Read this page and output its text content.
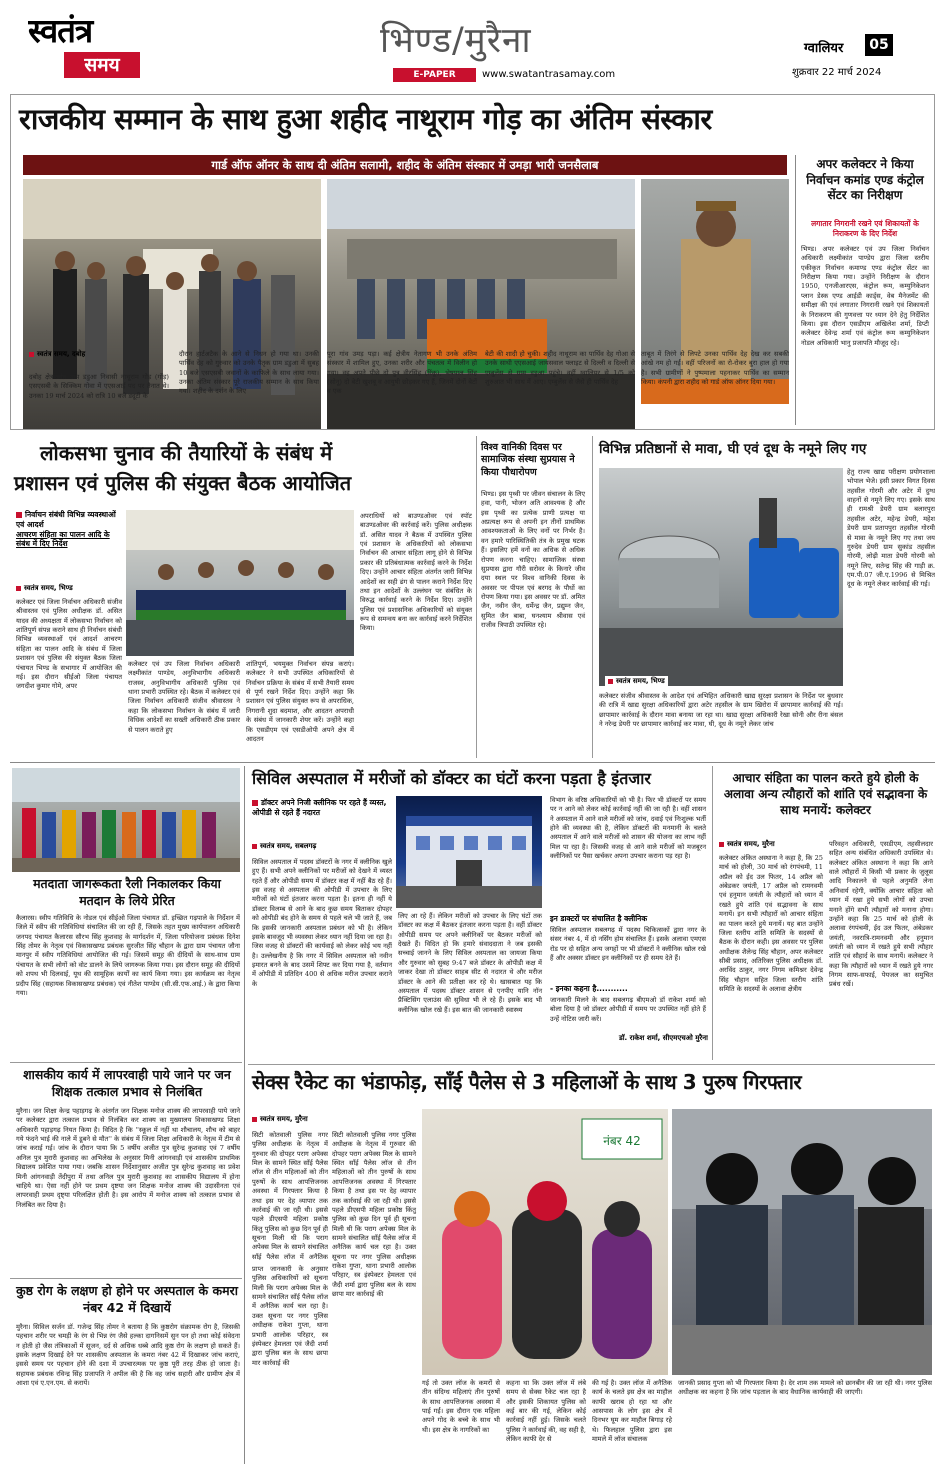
स्वतंत्र
समय
भिण्ड/मुरैना
E-PAPER	www.swatantrasamay.com
ग्वालियर	05
शुक्रवार 22 मार्च 2024
राजकीय सम्मान के साथ हुआ शहीद नाथूराम गोड़ का अंतिम संस्कार
गार्ड ऑफ ऑनर के साथ दी अंतिम सलामी, शहीद के अंतिम संस्कार में उमड़ा भारी जनसैलाब
स्वतंत्र समय, दबोह
दबोह क्षेत्रांतर्गत ग्राम डडुआ निवासी नाथूराम गोड़ (गोंड़) एसएसबी के सिक्किम गोवा में एएसआई पद पर तैनात थे। उनका 19 मार्च 2024 को रात्रि 10 बजे ड्यूटी के
दौरान हार्टअटैक के आने से निधन हो गया था। उनकी पार्थिव देह को गुरुवार को उनके पैतृक ग्राम डडुआ में सुबह 10 बजे एसएसबी जवानों के काफिले के साथ लाया गया। उनका अंतिम संस्कार पूरे राजकीय सम्मान के साथ किया गया। शहीद के दर्शन के लिए
पूरा गांव उमड़ पड़ा। कई क्षेत्रीय नेतागण भी उनके अंतिम संस्कार में शामिल हुए, उनका शरीर और पंचतत्व में विलीन हो गया। वह अपने पीछे दो पुत्र वीरसिंह (रिंकू), भेषपाल सिंह (सोनू) दो बेटी खुशबू व आयुषी छोड़कर गए हैं, जिनमें दोनों बेटों व एक
बेटी की शादी हो चुकी। शहीद नाथूराम का पार्थिव देह गोआ से उनके साथी एएसआई जायसवाल फ्लाइट से दिल्ली व दिल्ली से एम्बुलेंस से ग्राम डडुआ पहुंचे। वहीं ग्वालियर से 1/5 को शुरुआत भी साथ में आए। एम्बुलेंस से जैसे ही पार्थिव देह
ताबूत में तिरंगे से लिपटे उनका पार्थिव देह देख कर सबकी आंखे नम हो गईं। वहीं परिजनों का रो-रोकर बुरा हाल हो गया है। सभी ग्रामीणों ने पुष्पमाला पहनाकर पार्थिव का सम्मान किया। कंपनी द्वारा शहीद को गार्ड ऑफ ऑनर दिया गया।
अपर कलेक्टर ने किया निर्वाचन कमांड एण्ड कंट्रोल सेंटर का निरीक्षण
लगातार निगरानी रखने एवं शिकायतों के निराकरण के दिए निर्देश
भिण्ड। अपर कलेक्टर एवं उप जिला निर्वाचन अधिकारी लक्ष्मीकांत पाण्डेय द्वारा जिला स्तरीय एकीकृत निर्वाचन कमाण्ड एण्ड कंट्रोल सेंटर का निरीक्षण किया गया। उन्होंने निरीक्षण के दौरान 1950, एनजीआरएस, कंट्रोल रूम, कम्युनिकेशन प्लान डेस्क एण्ड आईडी कार्ड्स, वेब मैनेजमेंट की समीक्षा की एवं लगातार निगरानी रखने एवं शिकायतों के निराकरण की गुणवत्ता पर ध्यान देने हेतु निर्देशित किया। इस दौरान एसडीएम अखिलेश शर्मा, डिप्टी कलेक्टर देवेन्द्र शर्मा एवं कंट्रोल रूम कम्युनिकेशन नोडल अधिकारी भानु प्रजापति मौजूद रहे।
लोकसभा चुनाव की तैयारियों के संबंध में
प्रशासन एवं पुलिस की संयुक्त बैठक आयोजित
निर्वाचन संबंधी विभिन्न व्यवस्थाओं एवं आदर्श
आचरण संहिता का पालन आदि के संबंध में दिए निर्देश
स्वतंत्र समय, भिण्ड
कलेक्टर एवं जिला निर्वाचन अधिकारी संजीव श्रीवास्तव एवं पुलिस अधीक्षक डॉ. असित यादव की अध्यक्षता में लोकसभा निर्वाचन को शांतिपूर्ण संपन्न कराने साथ ही निर्वाचन संबंधी विभिन्न व्यवस्थाओं एवं आदर्श आचरण संहिता का पालन आदि के संबंध में जिला प्रशासन एवं पुलिस की संयुक्त बैठक जिला पंचायत भिण्ड के सभागार में आयोजित की गई। इस दौरान सीईओ जिला पंचायत जगदीश कुमार गोमे, अपर
कलेक्टर एवं उप जिला निर्वाचन अधिकारी लक्ष्मीकांत पाण्डेय, अनुविभागीय अधिकारी राजस्व, अनुविभागीय अधिकारी पुलिस एवं थाना प्रभारी उपस्थित रहे। बैठक में कलेक्टर एवं जिला निर्वाचन अधिकारी संजीव श्रीवास्तव ने कहा कि लोकसभा निर्वाचन के संबंध में जारी विधिक आदेशों का सख्ती अधिकारी ठीक प्रकार से पालन कराते हुए
शांतिपूर्ण, भयमुक्त निर्वाचन संपन्न कराएं। कलेक्टर ने सभी उपस्थित अधिकारियों से निर्वाचन प्रक्रिया के संबंध में सभी तैयारी समय से पूर्ण रखने निर्देश दिए। उन्होंने कहा कि प्रशासन एवं पुलिस संयुक्त रूप से अपराधिक, निगरानी शुदा बदमाश, और आदतन अपराधी के संबंध में जानकारी शेयर करें। उन्होंने कहा कि एसडीएम एवं एसडीओपी अपने क्षेत्र में आदतन
अपराधियों को बाउण्डओवर एवं स्पॉट बाउण्डओवर की कार्रवाई करें। पुलिस अधीक्षक डॉ. असित यादव ने बैठक में उपस्थित पुलिस एवं प्रशासन के अधिकारियों को लोकसभा निर्वाचन की आचार संहिता लागू होने से विभिन्न प्रकार की प्रतिबंधात्मक कार्रवाई करने के निर्देश दिए। उन्होंने आचार संहिता अंतर्गत जारी विभिन्न आदेशों का सही ढंग से पालन कराने निर्देश दिए तथा इन आदेशों के उल्लंघन पर संबंधित के विरुद्ध कार्रवाई करने के निर्देश दिए। उन्होंने पुलिस एवं प्रशासनिक अधिकारियों को संयुक्त रूप से समन्वय बना कर कार्रवाई करने निर्देशित किया।
विश्व वानिकी दिवस पर सामाजिक संस्था सुप्रयास ने किया पौधारोपण
भिण्ड। इस पृथ्वी पर जीवन संचालन के लिए हवा, पानी, भोजन अति आवश्यक है और इस पृथ्वी का प्रत्येक प्राणी प्रत्यक्ष या अप्रत्यक्ष रूप से अपनी इन तीनों प्राथमिक आवश्यकताओं के लिए वनों पर निर्भर है। वन हमारे पारिस्थितिकी तंत्र के प्रमुख घटक हैं। इसलिए हमें वनों का अधिक से अधिक रोपण करना चाहिए। सामाजिक संस्था सुप्रयास द्वारा गौरी सरोवर के किनारे जीव दया स्थल पर विश्व वानिकी दिवस के अवसर पर पीपल एवं बरगद के पौधों का रोपण किया गया। इस अवसर पर डॉ. अमित जैन, नवीन जैन, धर्मेन्द्र जैन, प्रद्युम्न जैन, सुमित जैन बाबा, घनश्याम श्रीवास एवं राजीव त्रिपाठी उपस्थित रहे।
विभिन्न प्रतिष्ठानों से मावा, घी एवं दूध के नमूने लिए गए
स्वतंत्र समय, भिण्ड
हेतु राज्य खाद्य परीक्षण प्रयोगशाला भोपाल भेजे। इसी प्रकार विगत दिवस तहसील गोरमी और अटेर में दुग्ध वाहनों से नमूने लिए गए। इसके साथ ही रामश्री डेयरी ग्राम बलारपुरा तहसील अटेर, महेन्द्र डेयरी, महेश डेयरी ग्राम प्रतापपुरा तहसील गोरमी से मावा के नमूने लिए गए तथा जय गुरुदेव डेयरी ग्राम सुकांड तहसील गोरमी, लोढ़ी माता डेयरी गोरमी को नमूने लिए, सतेन्द्र सिंह की गाड़ी क्र. एम.पी.07 जी.ए.1996 से मिश्रित दूध के नमूने लेकर कार्रवाई की गई।
कलेक्टर संजीव श्रीवास्तव के आदेश एवं अभिहित अधिकारी खाद्य सुरक्षा प्रशासन के निर्देश पर बुधवार की रात्रि में खाद्य सुरक्षा अधिकारियों द्वारा अटेर तहसील के ग्राम खिरोरा में छापामार कार्रवाई की गई। छापामार कार्रवाई के दौरान मावा बनाया जा रहा था। खाद्य सुरक्षा अधिकारी रेखा सोनी और रीना बंसल ने नरेन्द्र डेयरी पर छापामार कार्रवाई कर मावा, घी, दूध के नमूने लेकर जांच
मतदाता जागरूकता रैली निकालकर किया मतदान के लिये प्रेरित
कैलारस। स्वीप गतिविधि के नोडल एवं सीईओ जिला पंचायत डॉ. इच्छित गढ़पाले के निर्देशन में जिले में स्वीप की गतिविधियां संचालित की जा रही हैं, जिसके तहत मुख्य कार्यपालन अधिकारी जनपद पंचायत कैलारस सौरभ सिंह कुशवाह के मार्गदर्शन में, जिला परियोजना प्रबंधक दिनेश सिंह तोमर के नेतृत्व एवं विकासखण्ड प्रबंधक सुरजीत सिंह चौहान के द्वारा ग्राम पंचायत जौना मानपुर में स्वीप गतिविधियां आयोजित की गई। जिसमें समूह की दीदियों के साथ-साथ ग्राम पंचायत के सभी लोगों को वोट डालने के लिये जागरूक किया गया। इस दौरान समूह की दीदियों को शपथ भी दिलवाई, यूथ की सामूहिक कार्यों का कार्य किया गया। इस कार्यक्रम का नेतृत्व प्रदीप सिंह (सहायक विकासखण्ड प्रबंधक) एवं नीतेश पाण्डेय (सी.सी.एफ.आई.) के द्वारा किया गया।
शासकीय कार्य में लापरवाही पाये जाने पर जन शिक्षक तत्काल प्रभाव से निलंबित
मुरैना। जन शिक्षा केन्द्र पहाड़गढ़ के अंतर्गत जन शिक्षक मनोज शाक्य की लापरवाही पाये जाने पर कलेक्टर द्वारा तत्काल प्रभाव से निलंबित कर शाक्य का मुख्यालय विकासखण्ड शिक्षा अधिकारी पहाड़गढ़ नियत किया है। विदित है कि ''स्कूल में नहीं था शौचालय, शौच को बाहर गये फंदने भाई की नाले में डूबने से मौत'' के संबंध में जिला शिक्षा अधिकारी के नेतृत्व में टीम से जांच कराई गई। जांच के दौरान पाया कि 5 वर्षीय अजीत पुत्र सुरेन्द्र कुशवाह एवं 7 वर्षीय अनिल पुत्र मुरारी कुशवाह का अभिलेख के अनुसार मिनी आंगनवाड़ी एवं शासकीय प्राथमिक विद्यालय प्रवेशित पाया गया। जबकि शासन निर्देशानुसार अजीत पुत्र सुरेन्द्र कुशवाह का प्रवेश मिनी आंगनवाड़ी तेंदीपुरा में तथा अनिल पुत्र मुरारी कुशवाह का शासकीय विद्यालय में होना चाहिये था। ऐसा नहीं होने पर प्रथम दृष्टया जन शिक्षक मनोज शाक्य की उदासीनता एवं लापरवाही प्रथम दृष्ट्या परिलक्षित होती है। इस आरोप में मनोज शाक्य को तत्काल प्रभाव से निलंबित कर दिया है।
कुष्ठ रोग के लक्षण हो होने पर अस्पताल के कमरा नंबर 42 में दिखायें
मुरैना। सिविल सर्जन डॉ. गजेन्द्र सिंह तोमर ने बताया है कि कुष्ठरोग संक्रामक रोग है, जिसकी पहचान शरीर पर चमड़ी के रंग से भिन्न रंग जैसे हल्का दागनिसमें सुन पन हो तथा कोई संवेदना न होती हो जैस तंत्रिकाओं में सूजन, दर्द से अधिक धब्बे आदि कुष्ठ रोग के लक्षण हो सकते हैं। इसके लक्षण दिखाई देने पर शासकीय अस्पताल के कमरा नंबर 42 में दिखाकर जांच कराएं, इससे समय पर पहचान होने की दशा में उपचारत्मक पर कुष्ठ पूरी तरह ठीक हो जाता है। सहायक प्रबंधक रविन्द्र सिंह प्रजापति ने अपील की है कि वह जांच सहारी और ग्रामीण क्षेत्र में आशा एवं ए.एन.एम. से करायें।
सिविल अस्पताल में मरीजों को डॉक्टर का घंटों करना पड़ता है इंतजार
डॉक्टर अपने निजी क्लीनिक पर रहते हैं व्यस्त, ओपीडी से रहते हैं नदारत
स्वतंत्र समय, सबलगढ़
सिविल अस्पताल में पदस्थ डॉक्टरों के नगर में क्लीनिक खुले हुए हैं। सभी अपने क्लीनिकों पर मरीजों को देखने में व्यस्त रहते हैं और ओपीडी समय में डॉक्टर कक्ष में नहीं बैठ रहे हैं। इस वजह से अस्पताल की ओपीडी में उपचार के लिए मरीजों को घंटों इंतजार करना पड़ता है। इतना ही नहीं ये डॉक्टर विलम्ब से आने के बाद कुछ समय बिताकर दोपहर को ओपीडी बंद होने के समय से पहले चले भी जाते हैं, जब कि इसकी जानकारी अस्पताल प्रबंधन को भी है। लेकिन इसके बावजूद भी व्यवस्था लेकर ध्यान नहीं दिया जा रहा है। जिस वजह से डॉक्टरों की कार्यवाई को लेकर कोई भय नहीं है। उल्लेखनीय है कि नगर में सिविल अस्पताल को नवीन इमारत बनने के बाद उसमें शिफ्ट कर दिया गया है, वर्तमान में ओपीडी में प्रतिदिन 400 से अधिक मरीज उपचार कराने के
लिए आ रहे हैं। लेकिन मरीजों को उपचार के लिए घंटों तक डॉक्टर का कक्ष में बैठकर इंतजार करना पड़ता है। वहीं डॉक्टर ओपीडी समय पर अपने क्लीनिकों पर बैठकर मरीजों को देखते हैं। विदित हो कि हमारे संवाददाता ने जब इसकी सच्चाई जानने के लिए सिविल अस्पताल का जायजा किया और गुरुवार को सुबह 9:47 बजे डॉक्टर के ओपीडी कक्ष में जाकर देखा तो डॉक्टर साहब सीट से नदारत थे और मरीज डॉक्टर के आने की प्रतीक्षा कर रहे थे। खासबात यह कि अस्पताल में पदस्थ डॉक्टर शासन से एनपीए यानि नॉन प्रैक्टिसिंग एलाउंस की सुविधा भी ले रहे हैं। इसके बाद भी क्लीनिक खोल रखे हैं। इस बात की जानकारी स्वास्थ्य
विभाग के वरिष्ठ अधिकारियों को भी है। फिर भी डॉक्टरों पर समय पर न आने को लेकर कोई कार्रवाई नहीं की जा रही है। वहीं शासन ने अस्पताल में आने वाले मरीजों को जांच, दवाई एवं निःशुल्क भर्ती होने की व्यवस्था की है, लेकिन डॉक्टरों की मनमानी के चलते अस्पताल में आने वाले मरीजों को शासन की योजना का लाभ नहीं मिल पा रहा है। जिसकी वजह से आने वाले मरीजों को मजबूरन क्लीनिकों पर पैसा खर्चकर अपना उपचार कराना पड़ रहा है।
इन डाक्टरों पर संचालित है क्लीनिक
सिविल अस्पताल सबलगढ़ में पदस्थ चिकित्सकों द्वारा नगर के संसर नंबर 4, में दो नर्सिंग होम संचालित हैं। इसके अलावा एमएस रोड पर दो सहित अन्य जगहों पर भी डॉक्टरों ने क्लीनिक खोल रखे हैं और अक्सर डॉक्टर इन क्लीनिकों पर ही समय देते हैं।
- इनका कहना है...........
जानकारी मिलने के बाद सबलगढ़ बीएमओ डॉ राकेश शर्मा को बोला दिया है जो डॉक्टर ओपीडी में समय पर उपस्थित नहीं होते हैं उन्हें नोटिस जारी करें।
डॉ. राकेश शर्मा, सीएमएचओ मुरैना
आचार संहिता का पालन करते हुये होली के अलावा अन्य त्यौहारों को शांति एवं सद्भावना के साथ मनायें: कलेक्टर
स्वतंत्र समय, मुरैना
कलेक्टर अंकित अस्थाना ने कहा है, कि 25 मार्च को होली, 30 मार्च को रंगपंचमी, 11 अप्रैल को ईद उल फितर, 14 अप्रैल को अंबेडकर जयंती, 17 अप्रैल को रामनवमी एवं हनुमान जयंती के त्यौहारों को ध्यान में रखते हुये शांति एवं सद्भावना के साथ मनायें। इन सभी त्यौहारों को आचार संहिता का पालन करते हुये मनायें। यह बात उन्होंने जिला स्तरीय शांति समिति के सदस्यों से बैठक के दौरान कही। इस अवसर पर पुलिस अधीक्षक शैलेन्द्र सिंह चौहान, अपर कलेक्टर सीबी प्रसाद, अतिरिक्त पुलिस अधीक्षक डॉ. अरविंद ठाकुर, नगर निगम कमिश्नर देवेन्द्र सिंह चौहान सहित जिला स्तरीय शांति समिति के सदस्यों के अलावा क्षेत्रीय
परिवहन अधिकारी, एसडीएम, तहसीलदार सहित अन्य संबंधित अधिकारी उपस्थित थे। कलेक्टर अंकित अस्थाना ने कहा कि आने वाले त्यौहारों में किसी भी प्रकार के जुलूस आदि निकालने से पहले अनुमति लेना अनिवार्य रहेगी, क्योंकि आचार संहिता को ध्यान में रखा हुये सभी लोगों को उपचा मनाने होंगे सभी त्यौहारों को मनाना होगा। उन्होंने कहा कि 25 मार्च को होली के अलावा रंगपंचमी, ईद उल फितर, अंबेडकर जयंती, नवरात्रि-रामनवमी और हनुमान जयंती को ध्यान में रखते हुये सभी त्यौहार शांति एवं सौहार्द के साथ मनायें। कलेक्टर ने कहा कि त्यौहारों को ध्यान में रखते हुये नगर निगम साफ-सफाई, पेयजल का समुचित प्रबंध रखें।
सेक्स रैकेट का भंडाफोड़, साँई पैलेस से 3 महिलाओं के साथ 3 पुरुष गिरफ्तार
स्वतंत्र समय, मुरैना
सिटी कोतवाली पुलिस नगर पुलिस अधीक्षक के नेतृत्व में गुरुवार की दोपहर पराग अपेक्स मिल के सामने स्थित साँई पैलेस लॉज से तीन महिलाओं को तीन पुरुषों के साथ आपत्तिजनक अवस्था में गिरफ्तार किया है तथा इस पर देह व्यापार तक कार्रवाई की जा रही थी। इससे पहले डीएसपी महिला प्रकोष्ठ किंतु पुलिस को कुछ दिन पूर्व ही सूचना मिली थी कि पराग अपेक्स मिल के सामने संचालित साँई पैलेस लॉज में अनैतिक
प्राप्त जानकारी के अनुसार पुलिस अधिकारियों को सूचना मिली कि पराग अपेक्स मिल के सामने संचालित साँई पैलेस लॉज में अनैतिक कार्य चल रहा है। उक्त सूचना पर नगर पुलिस अधीक्षक राकेश गुप्ता, थाना प्रभारी आलोक परिहार, स्त्र इंस्पेक्टर हेमलता एवं जैदी शर्मा द्वारा पुलिस बल के साथ छापा मार कार्रवाई की
सिटी कोतवाली पुलिस नगर पुलिस अधीक्षक के नेतृत्व में गुरुवार की दोपहर पराग अपेक्स मिल के सामने स्थित साँई पैलेस लॉज से तीन महिलाओं को तीन पुरुषों के साथ आपत्तिजनक अवस्था में गिरफ्तार किया है तथा इस पर देह व्यापार तक कार्रवाई की जा रही थी। इससे पहले डीएसपी महिला प्रकोष्ठ किंतु पुलिस को कुछ दिन पूर्व ही सूचना मिली थी कि पराग अपेक्स मिल के सामने संचालित साँई पैलेस लॉज में अनैतिक कार्य चल रहा है। उक्त सूचना पर नगर पुलिस अधीक्षक राकेश गुप्ता, थाना प्रभारी आलोक परिहार, स्त्र इंस्पेक्टर हेमलता एवं जैदी शर्मा द्वारा पुलिस बल के साथ छापा मार कार्रवाई की
नंबर 42
गई तो उक्त लॉज के कमरों से तीन संदिग्ध महिलाएं तीन पुरुषों के साथ आपत्तिजनक अवस्था में पाई गईं। इस दौरान एक महिला अपने गोद के बच्चे के साथ भी थी। इस क्षेत्र के नागरिकों का
कहना था कि उक्त लॉज में लंबे समय से सेक्स रैकेट चल रहा है और इसकी शिकायत पुलिस को कई बार की गई, लेकिन कोई कार्रवाई नहीं हुई। जिसके चलते पुलिस ने कार्रवाई की, वह सही है, लेकिन काफी देर से
की गई है। उक्त लॉज में अनैतिक कार्य के चलते इस क्षेत्र का माहौल काफी खराब हो रहा था और आसपास के लोग इस क्षेत्र में दिनभर घूम कर माहौल बिगाड़ रहे थे। फिलहाल पुलिस द्वारा इस मामले में लॉज संचालक
जानकी प्रसाद गुप्ता को भी गिरफ्तार किया है। देर शाम तक मामले को छानबीन की जा रही थी। नगर पुलिस अधीक्षक का कहना है कि जांच पड़ताल के बाद वैधानिक कार्यवाही की जाएगी।
